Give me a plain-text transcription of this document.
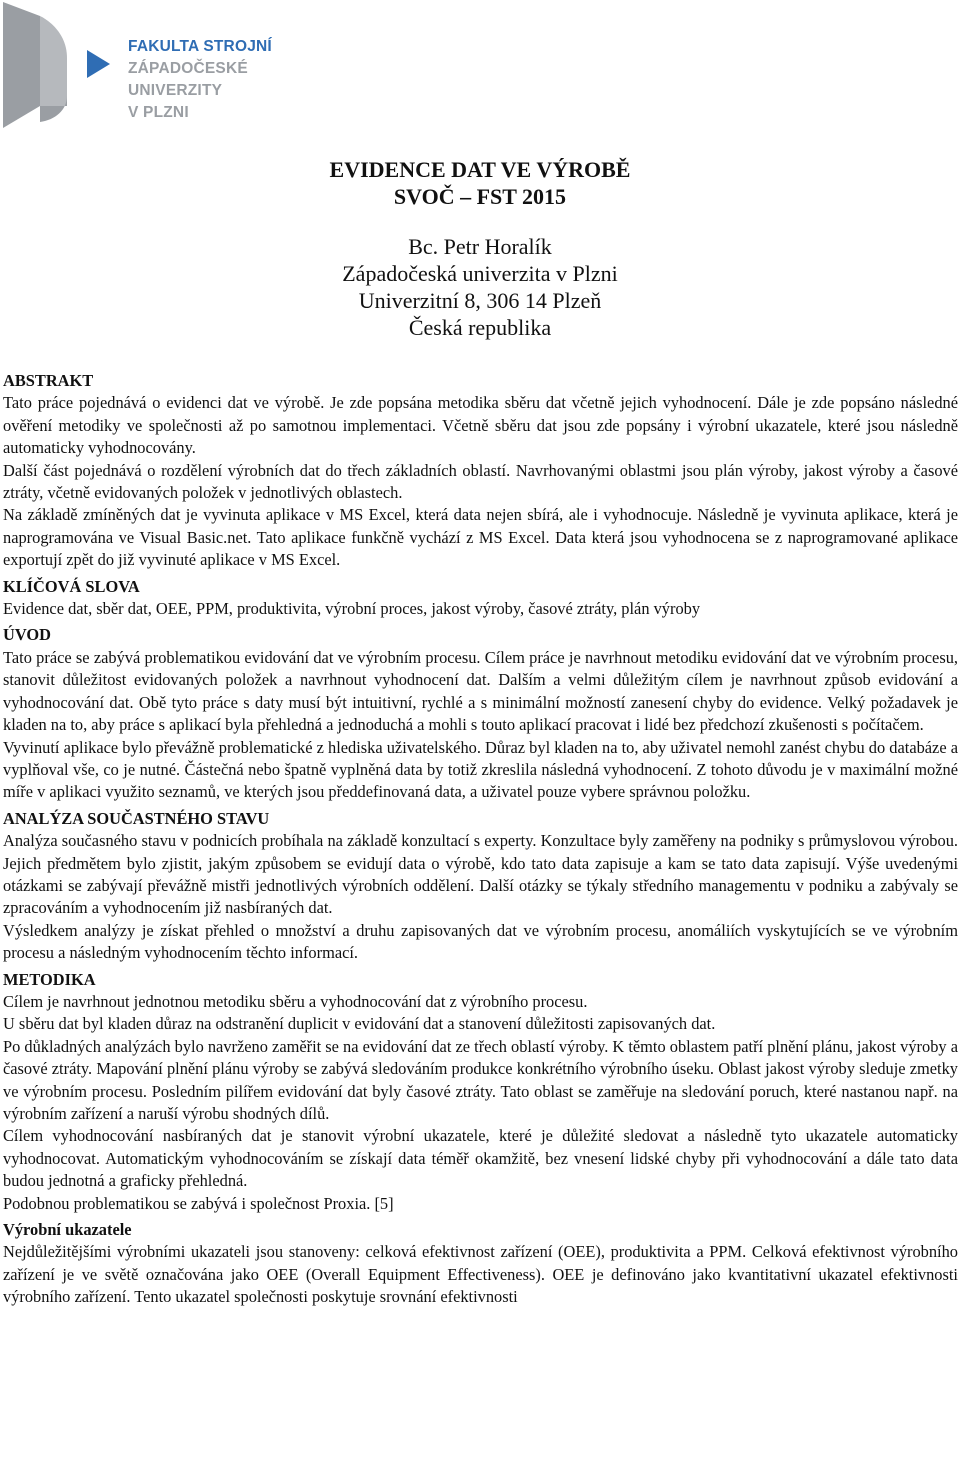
FAKULTA STROJNÍ
ZÁPADOČESKÉ
UNIVERZITY
V PLZNI
EVIDENCE DAT VE VÝROBĚ
SVOČ – FST 2015
Bc. Petr Horalík
Západočeská univerzita v Plzni
Univerzitní 8, 306 14 Plzeň
Česká republika
ABSTRAKT

Tato práce pojednává o evidenci dat ve výrobě. Je zde popsána metodika sběru dat včetně jejich vyhodnocení. Dále je zde popsáno následné ověření metodiky ve společnosti až po samotnou implementaci. Včetně sběru dat jsou zde popsány i výrobní ukazatele, které jsou následně automaticky vyhodnocovány.

Další část pojednává o rozdělení výrobních dat do třech základních oblastí. Navrhovanými oblastmi jsou plán výroby, jakost výroby a časové ztráty, včetně evidovaných položek v jednotlivých oblastech.

Na základě zmíněných dat je vyvinuta aplikace v MS Excel, která data nejen sbírá, ale i vyhodnocuje. Následně je vyvinuta aplikace, která je naprogramována ve Visual Basic.net. Tato aplikace funkčně vychází z MS Excel. Data která jsou vyhodnocena se z naprogramované aplikace exportují zpět do již vyvinuté aplikace v MS Excel.

KLÍČOVÁ SLOVA

Evidence dat, sběr dat, OEE, PPM, produktivita, výrobní proces, jakost výroby, časové ztráty, plán výroby

ÚVOD

Tato práce se zabývá problematikou evidování dat ve výrobním procesu. Cílem práce je navrhnout metodiku evidování dat ve výrobním procesu, stanovit důležitost evidovaných položek a navrhnout vyhodnocení dat. Dalším a velmi důležitým cílem je navrhnout způsob evidování a vyhodnocování dat. Obě tyto práce s daty musí být intuitivní, rychlé a s minimální možností zanesení chyby do evidence. Velký požadavek je kladen na to, aby práce s aplikací byla přehledná a jednoduchá a mohli s touto aplikací pracovat i lidé bez předchozí zkušenosti s počítačem.

Vyvinutí aplikace bylo převážně problematické z hlediska uživatelského. Důraz byl kladen na to, aby uživatel nemohl zanést chybu do databáze a vyplňoval vše, co je nutné. Částečná nebo špatně vyplněná data by totiž zkreslila následná vyhodnocení. Z tohoto důvodu je v maximální možné míře v aplikaci využito seznamů, ve kterých jsou předdefinovaná data, a uživatel pouze vybere správnou položku.

ANALÝZA SOUČASTNÉHO STAVU

Analýza současného stavu v podnicích probíhala na základě konzultací s experty. Konzultace byly zaměřeny na podniky s průmyslovou výrobou. Jejich předmětem bylo zjistit, jakým způsobem se evidují data o výrobě, kdo tato data zapisuje a kam se tato data zapisují. Výše uvedenými otázkami se zabývají převážně mistři jednotlivých výrobních oddělení. Další otázky se týkaly středního managementu v podniku a zabývaly se zpracováním a vyhodnocením již nasbíraných dat.

Výsledkem analýzy je získat přehled o množství a druhu zapisovaných dat ve výrobním procesu, anomáliích vyskytujících se ve výrobním procesu a následným vyhodnocením těchto informací.

METODIKA

Cílem je navrhnout jednotnou metodiku sběru a vyhodnocování dat z výrobního procesu.

U sběru dat byl kladen důraz na odstranění duplicit v evidování dat a stanovení důležitosti zapisovaných dat.

Po důkladných analýzách bylo navrženo zaměřit se na evidování dat ze třech oblastí výroby. K těmto oblastem patří plnění plánu, jakost výroby a časové ztráty. Mapování plnění plánu výroby se zabývá sledováním produkce konkrétního výrobního úseku. Oblast jakost výroby sleduje zmetky ve výrobním procesu. Posledním pilířem evidování dat byly časové ztráty. Tato oblast se zaměřuje na sledování poruch, které nastanou např. na výrobním zařízení a naruší výrobu shodných dílů.

Cílem vyhodnocování nasbíraných dat je stanovit výrobní ukazatele, které je důležité sledovat a následně tyto ukazatele automaticky vyhodnocovat. Automatickým vyhodnocováním se získají data téměř okamžitě, bez vnesení lidské chyby při vyhodnocování a dále tato data budou jednotná a graficky přehledná.

Podobnou problematikou se zabývá i společnost Proxia. [5]

Výrobní ukazatele

Nejdůležitějšími výrobními ukazateli jsou stanoveny: celková efektivnost zařízení (OEE), produktivita a PPM. Celková efektivnost výrobního zařízení je ve světě označována jako OEE (Overall Equipment Effectiveness). OEE je definováno jako kvantitativní ukazatel efektivnosti výrobního zařízení. Tento ukazatel společnosti poskytuje srovnání efektivnosti
